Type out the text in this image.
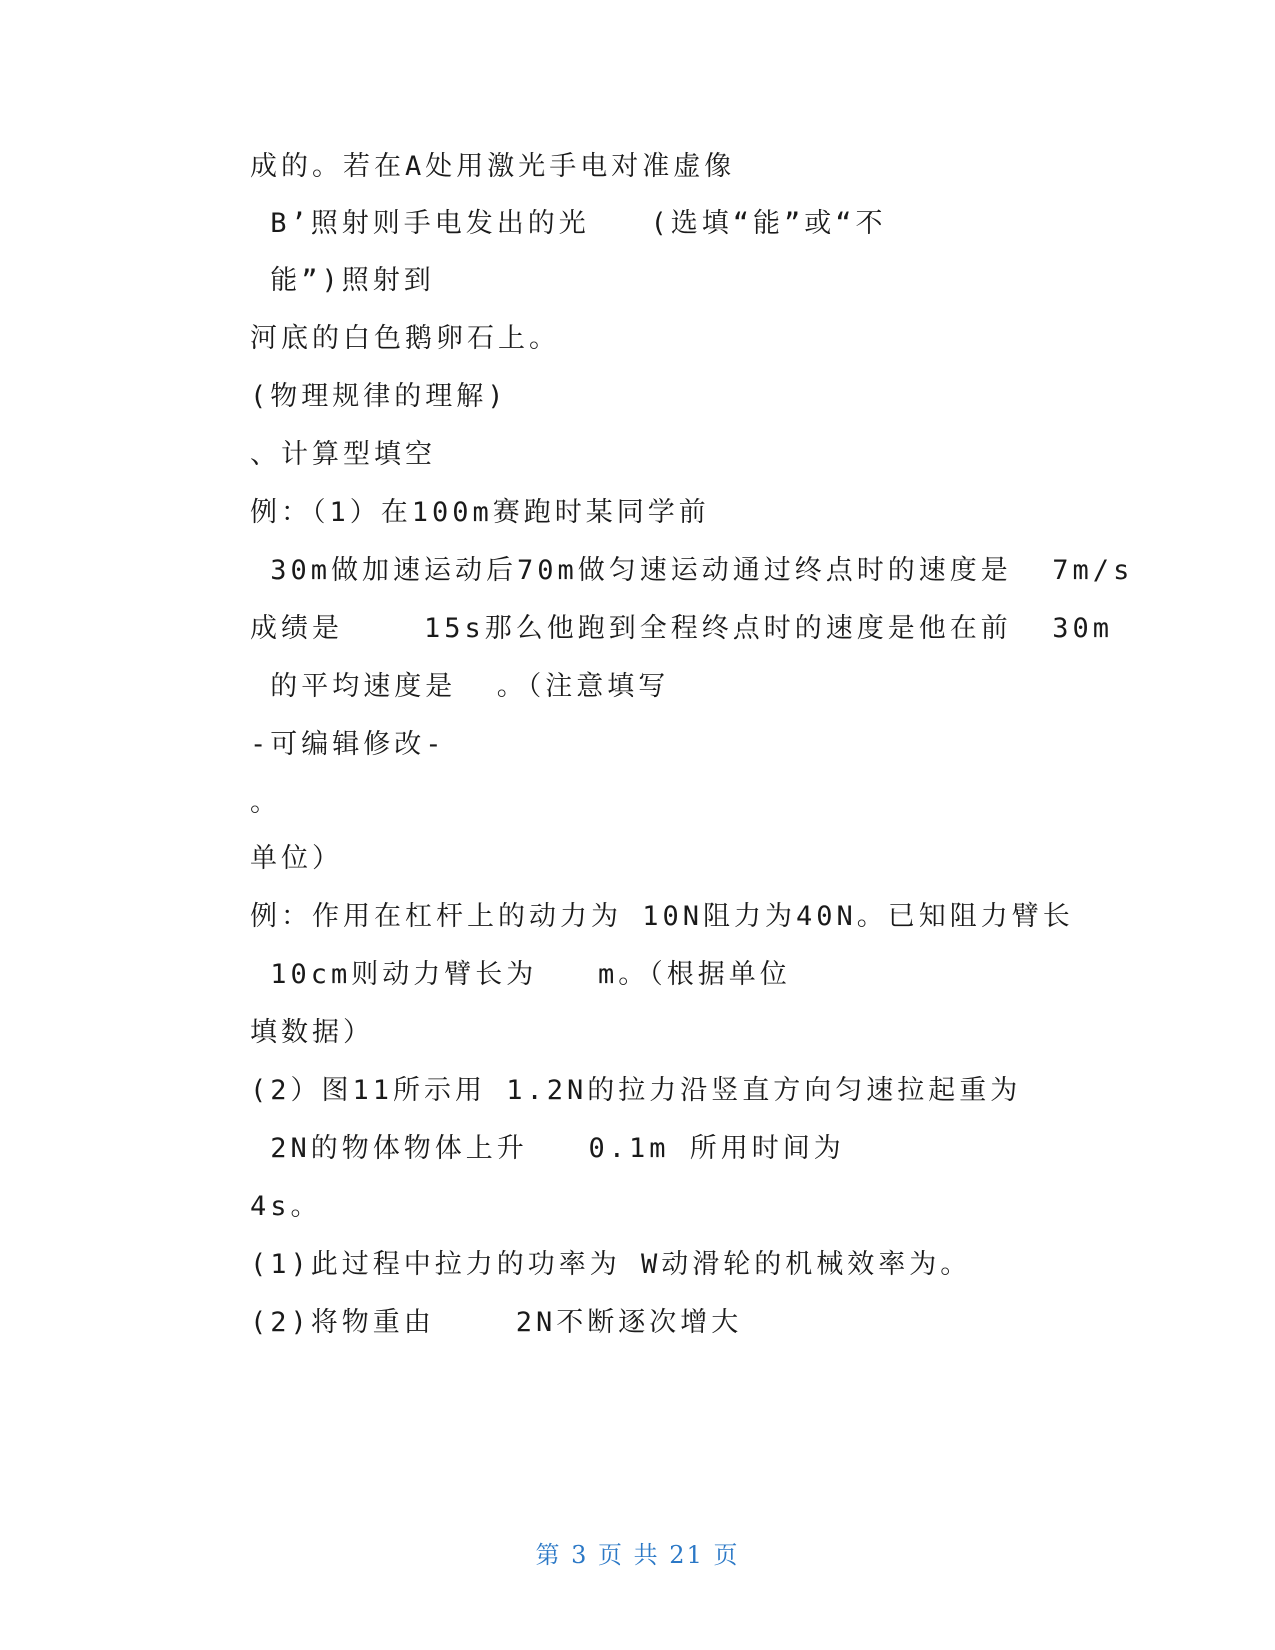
成的。若在A处用激光手电对准虚像
B’照射则手电发出的光   (选填“能”或“不
能”)照射到
河底的白色鹅卵石上。
(物理规律的理解)
、计算型填空
例：（1）在100m赛跑时某同学前
30m做加速运动后70m做匀速运动通过终点时的速度是  7m/s
成绩是    15s那么他跑到全程终点时的速度是他在前  30m
的平均速度是  。（注意填写
-可编辑修改-
。
单位）
例：作用在杠杆上的动力为 10N阻力为40N。已知阻力臂长
10cm则动力臂长为   m。（根据单位
填数据）
(2）图11所示用 1.2N的拉力沿竖直方向匀速拉起重为
2N的物体物体上升   0.1m 所用时间为
4s。
(1)此过程中拉力的功率为 W动滑轮的机械效率为。
(2)将物重由    2N不断逐次增大
第 3 页 共 21 页
